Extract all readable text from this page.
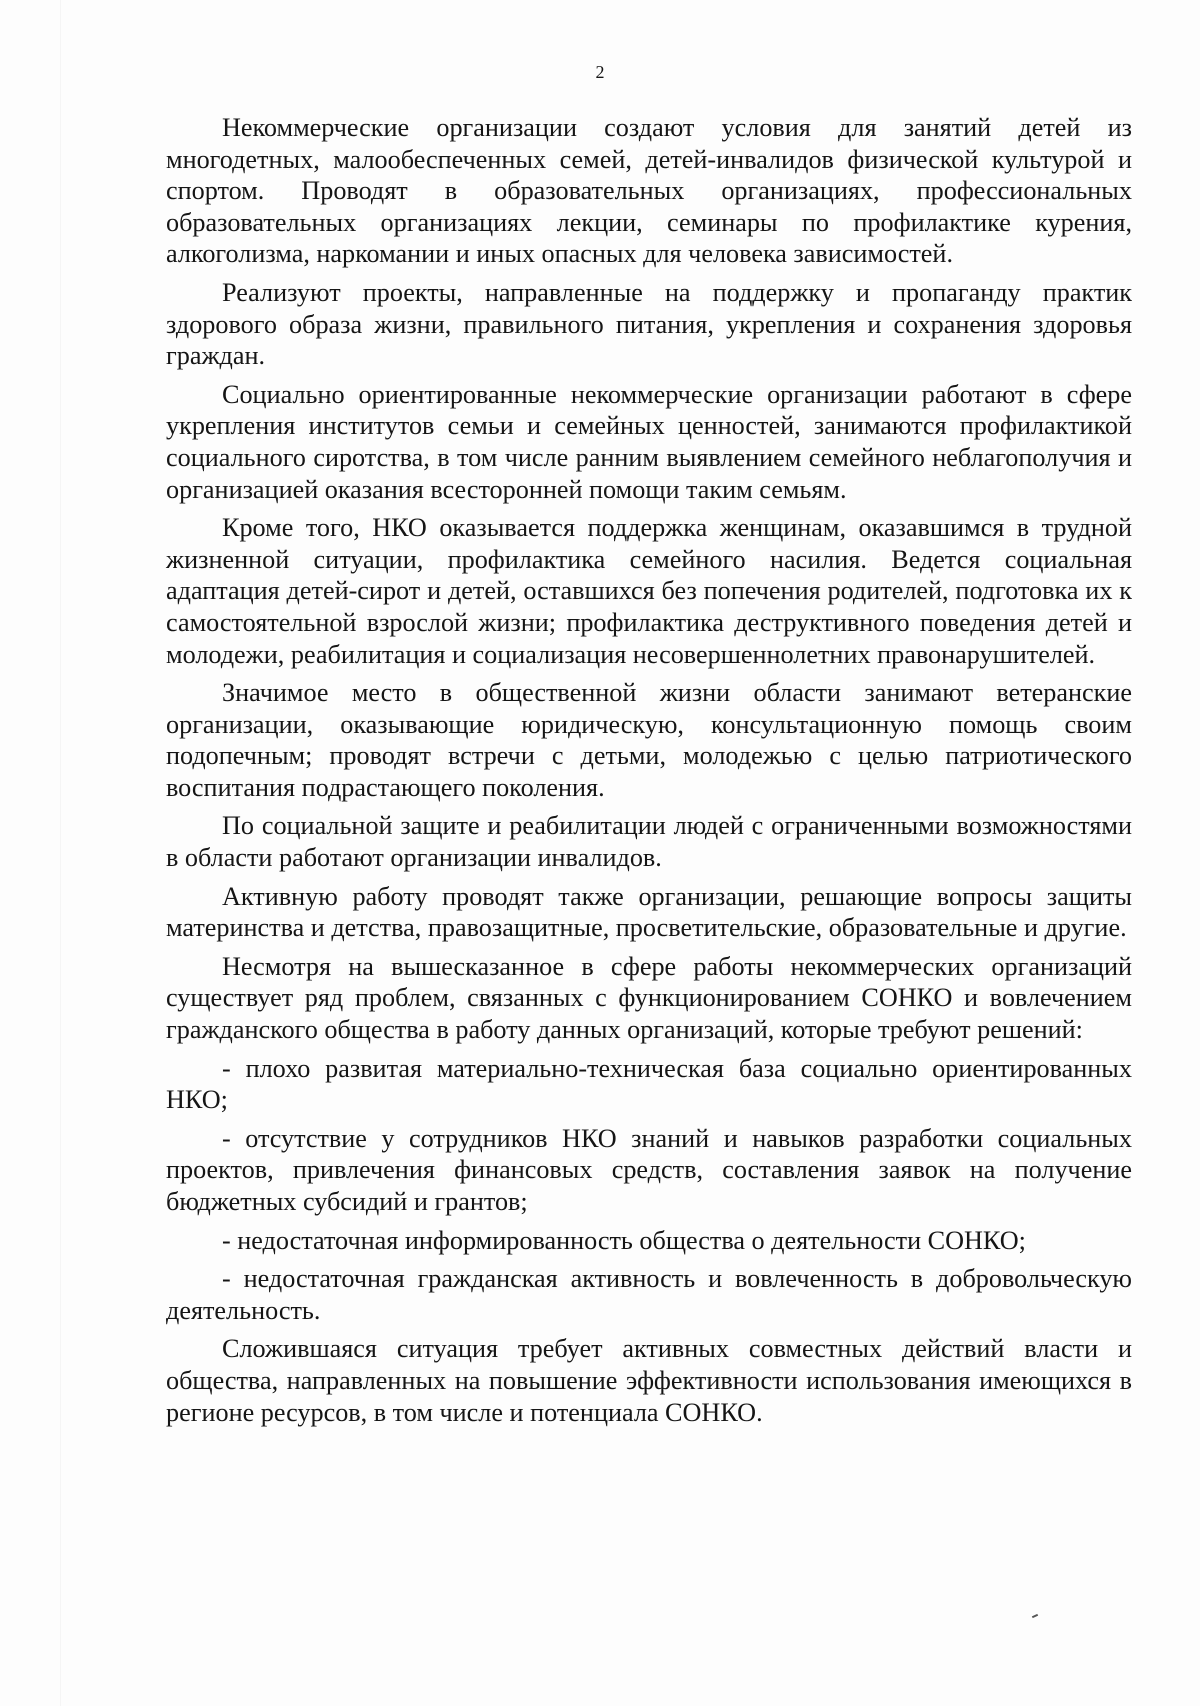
2

Некоммерческие организации создают условия для занятий детей из многодетных, малообеспеченных семей, детей-инвалидов физической культурой и спортом. Проводят в образовательных организациях, профессиональных образовательных организациях лекции, семинары по профилактике курения, алкоголизма, наркомании и иных опасных для человека зависимостей.

Реализуют проекты, направленные на поддержку и пропаганду практик здорового образа жизни, правильного питания, укрепления и сохранения здоровья граждан.

Социально ориентированные некоммерческие организации работают в сфере укрепления институтов семьи и семейных ценностей, занимаются профилактикой социального сиротства, в том числе ранним выявлением семейного неблагополучия и организацией оказания всесторонней помощи таким семьям.

Кроме того, НКО оказывается поддержка женщинам, оказавшимся в трудной жизненной ситуации, профилактика семейного насилия. Ведется социальная адаптация детей-сирот и детей, оставшихся без попечения родителей, подготовка их к самостоятельной взрослой жизни; профилактика деструктивного поведения детей и молодежи, реабилитация и социализация несовершеннолетних правонарушителей.

Значимое место в общественной жизни области занимают ветеранские организации, оказывающие юридическую, консультационную помощь своим подопечным; проводят встречи с детьми, молодежью с целью патриотического воспитания подрастающего поколения.

По социальной защите и реабилитации людей с ограниченными возможностями в области работают организации инвалидов.

Активную работу проводят также организации, решающие вопросы защиты материнства и детства, правозащитные, просветительские, образовательные и другие.

Несмотря на вышесказанное в сфере работы некоммерческих организаций существует ряд проблем, связанных с функционированием СОНКО и вовлечением гражданского общества в работу данных организаций, которые требуют решений:

- плохо развитая материально-техническая база социально ориентированных НКО;

- отсутствие у сотрудников НКО знаний и навыков разработки социальных проектов, привлечения финансовых средств, составления заявок на получение бюджетных субсидий и грантов;

- недостаточная информированность общества о деятельности СОНКО;

- недостаточная гражданская активность и вовлеченность в добровольческую деятельность.

Сложившаяся ситуация требует активных совместных действий власти и общества, направленных на повышение эффективности использования имеющихся в регионе ресурсов, в том числе и потенциала СОНКО.
